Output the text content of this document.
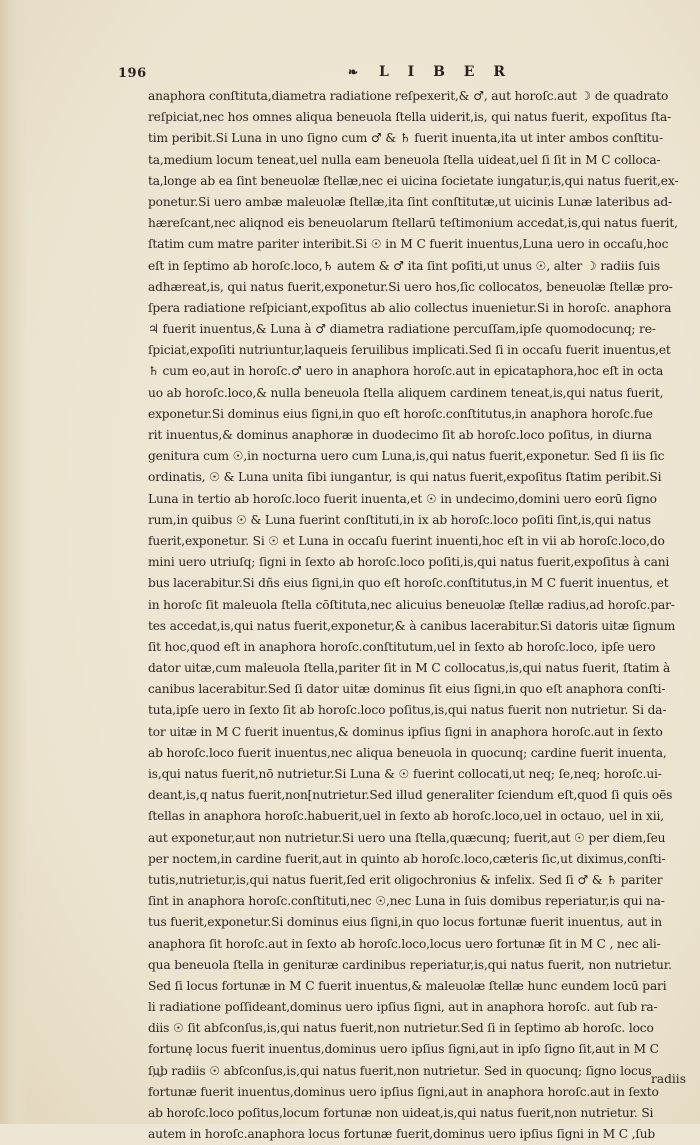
196	❧ L I B E R
anaphora conſtituta,diametra radiatione reſpexerit,& ♂, aut horoſc.aut ☽ de quadrato
reſpiciat,nec hos omnes aliqua beneuola ſtella uiderit,is, qui natus fuerit, expoſitus ſta‐
tim peribit.Si Luna in uno ſigno cum ♂ & ♄ fuerit inuenta,ita ut inter ambos conſtitu‐
ta,medium locum teneat,uel nulla eam beneuola ſtella uideat,uel ſi ſit in M C colloca‐
ta,longe ab ea ſint beneuolæ ſtellæ,nec ei uicina ſocietate iungatur,is,qui natus fuerit,ex‐
ponetur.Si uero ambæ maleuolæ ſtellæ,ita ſint conſtitutæ,ut uicinis Lunæ lateribus ad‐
hæreſcant,nec aliqnod eis beneuolarum ſtellarū teſtimonium accedat,is,qui natus fuerit,
ſtatim cum matre pariter interibit.Si ☉ in M C fuerit inuentus,Luna uero in occaſu,hoc
eſt in ſeptimo ab horoſc.loco,♄ autem & ♂ ita ſint poſiti,ut unus ☉, alter ☽ radiis ſuis
adhæreat,is, qui natus fuerit,exponetur.Si uero hos,ſic collocatos, beneuolæ ſtellæ pro‐
ſpera radiatione reſpiciant,expoſitus ab alio collectus inuenietur.Si in horoſc. anaphora
♃ fuerit inuentus,& Luna à ♂ diametra radiatione percuſſam,ipſe quomodocunq; re‐
ſpiciat,expoſiti nutriuntur,laqueis ſeruilibus implicati.Sed ſi in occaſu fuerit inuentus,et
♄ cum eo,aut in horoſc.♂ uero in anaphora horoſc.aut in epicataphora,hoc eſt in octa
uo ab horoſc.loco,& nulla beneuola ſtella aliquem cardinem teneat,is,qui natus fuerit,
exponetur.Si dominus eius ſigni,in quo eſt horoſc.conſtitutus,in anaphora horoſc.fue
rit inuentus,& dominus anaphoræ in duodecimo ſit ab horoſc.loco poſitus, in diurna
genitura cum ☉,in nocturna uero cum Luna,is,qui natus fuerit,exponetur. Sed ſi iis ſic
ordinatis, ☉ & Luna unita ſibi iungantur, is qui natus fuerit,expoſitus ſtatim peribit.Si
Luna in tertio ab horoſc.loco fuerit inuenta,et ☉ in undecimo,domini uero eorū ſigno
rum,in quibus ☉ & Luna fuerint conſtituti,in ix ab horoſc.loco poſiti ſint,is,qui natus
fuerit,exponetur. Si ☉ et Luna in occaſu fuerint inuenti,hoc eſt in vii ab horoſc.loco,do
mini uero utriuſq; ſigni in ſexto ab horoſc.loco poſiti,is,qui natus fuerit,expoſitus à cani
bus lacerabitur.Si dñs eius ſigni,in quo eſt horoſc.conſtitutus,in M C fuerit inuentus, et
in horoſc ſit maleuola ſtella cōſtituta,nec alicuius beneuolæ ſtellæ radius,ad horoſc.par‐
tes accedat,is,qui natus fuerit,exponetur,& à canibus lacerabitur.Si datoris uitæ ſignum
ſit hoc,quod eſt in anaphora horoſc.conſtitutum,uel in ſexto ab horoſc.loco, ipſe uero
dator uitæ,cum maleuola ſtella,pariter ſit in M C collocatus,is,qui natus fuerit, ſtatim à
canibus lacerabitur.Sed ſi dator uitæ dominus ſit eius ſigni,in quo eſt anaphora conſti‐
tuta,ipſe uero in ſexto ſit ab horoſc.loco poſitus,is,qui natus fuerit non nutrietur. Si da‐
tor uitæ in M C fuerit inuentus,& dominus ipſius ſigni in anaphora horoſc.aut in ſexto
ab horoſc.loco fuerit inuentus,nec aliqua beneuola in quocunq; cardine fuerit inuenta,
is,qui natus fuerit,nō nutrietur.Si Luna & ☉ fuerint collocati,ut neq; ſe,neq; horoſc.ui‐
deant,is,q natus fuerit,non[nutrietur.Sed illud generaliter ſciendum eſt,quod ſi quis oēs
ſtellas in anaphora horoſc.habuerit,uel in ſexto ab horoſc.loco,uel in octauo, uel in xii,
aut exponetur,aut non nutrietur.Si uero una ſtella,quæcunq; fuerit,aut ☉ per diem,ſeu
per noctem,in cardine fuerit,aut in quinto ab horoſc.loco,cæteris ſic,ut diximus,conſti‐
tutis,nutrietur,is,qui natus fuerit,ſed erit oligochronius & infelix. Sed ſi ♂ & ♄ pariter
ſint in anaphora horoſc.conſtituti,nec ☉,nec Luna in ſuis domibus reperiatur,is qui na‐
tus fuerit,exponetur.Si dominus eius ſigni,in quo locus fortunæ fuerit inuentus, aut in
anaphora ſit horoſc.aut in ſexto ab horoſc.loco,locus uero fortunæ ſit in M C , nec ali‐
qua beneuola ſtella in genituræ cardinibus reperiatur,is,qui natus fuerit, non nutrietur.
Sed ſi locus fortunæ in M C fuerit inuentus,& maleuolæ ſtellæ hunc eundem locū pari
li radiatione poſſideant,dominus uero ipſius ſigni, aut in anaphora horoſc. aut ſub ra‐
diis ☉ ſit abſconſus,is,qui natus fuerit,non nutrietur.Sed ſi in ſeptimo ab horoſc. loco
fortunę locus fuerit inuentus,dominus uero ipſius ſigni,aut in ipſo ſigno ſit,aut in M C
ſub radiis ☉ abſconſus,is,qui natus fuerit,non nutrietur. Sed in quocunq; ſigno locus
fortunæ fuerit inuentus,dominus uero ipſius ſigni,aut in anaphora horoſc.aut in ſexto
ab horoſc.loco poſitus,locum fortunæ non uideat,is,qui natus fuerit,non nutrietur. Si
autem in horoſc.anaphora locus fortunæ fuerit,dominus uero ipſius ſigni in M C ,ſub
radiis
